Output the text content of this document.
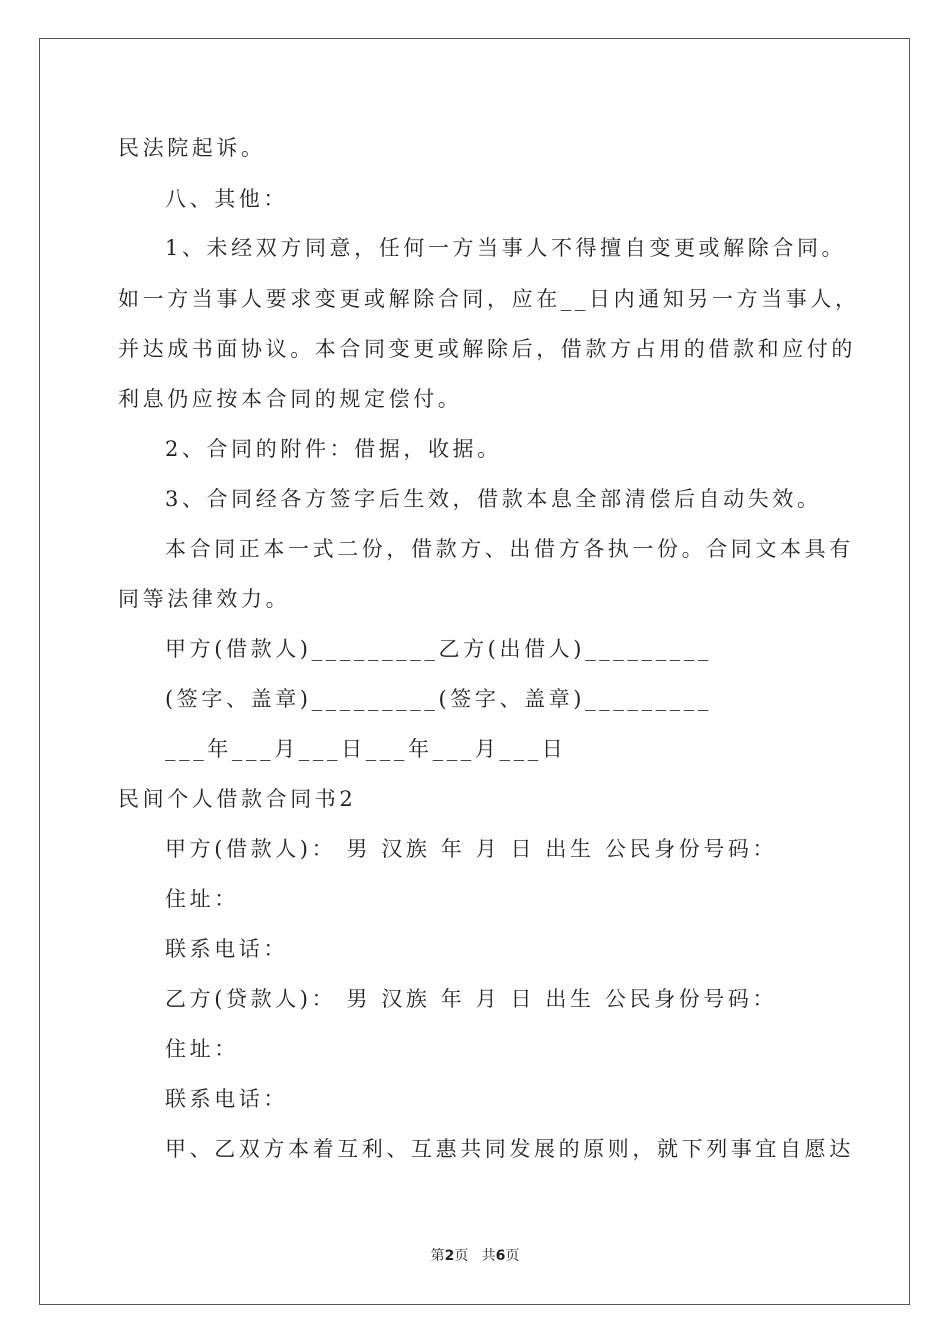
民法院起诉。
八、其他：
1、未经双方同意，任何一方当事人不得擅自变更或解除合同。
如一方当事人要求变更或解除合同，应在__日内通知另一方当事人，
并达成书面协议。本合同变更或解除后，借款方占用的借款和应付的
利息仍应按本合同的规定偿付。
2、合同的附件：借据，收据。
3、合同经各方签字后生效，借款本息全部清偿后自动失效。
本合同正本一式二份，借款方、出借方各执一份。合同文本具有
同等法律效力。
甲方(借款人)_________乙方(出借人)_________
(签字、盖章)_________(签字、盖章)_________
___年___月___日___年___月___日
民间个人借款合同书2
甲方(借款人)： 男 汉族 年 月 日 出生 公民身份号码：
住址：
联系电话：
乙方(贷款人)： 男 汉族 年 月 日 出生 公民身份号码：
住址：
联系电话：
甲、乙双方本着互利、互惠共同发展的原则，就下列事宜自愿达
第2页 共6页
